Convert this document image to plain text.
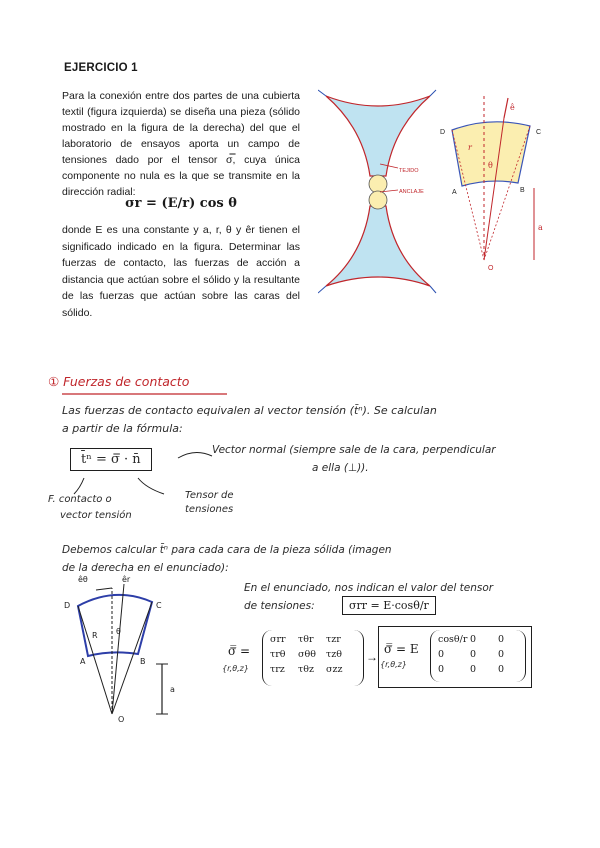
EJERCICIO 1

Para la conexión entre dos partes de una cubierta textil (figura izquierda) se diseña una pieza (sólido mostrado en la figura de la derecha) del que el laboratorio de ensayos aporta un campo de tensiones dado por el tensor σ̿, cuya única componente no nula es la que se transmite en la dirección radial:

σr = (E/r) cos θ
donde E es una constante y a, r, θ y êr tienen el significado indicado en la figura. Determinar las fuerzas de contacto, las fuerzas de acción a distancia que actúan sobre el sólido y la resultante de las fuerzas que actúan sobre las caras del sólido.
TEJIDO
ANCLAJE
D	C
A	B
O
r
θ
ê
a
① Fuerzas de contacto
Las fuerzas de contacto equivalen al vector tensión (t̄ⁿ). Se calculan
a partir de la fórmula:
t̄ⁿ = σ̿ · n̄
Vector normal (siempre sale de la cara, perpendicular
a ella (⊥)).
F. contacto o
vector tensión
Tensor de
tensiones
Debemos calcular t̄ⁿ para cada cara de la pieza sólida (imagen
de la derecha en el enunciado):
êθ	êr
D	C
R θ
A	B
O
a
En el enunciado, nos indican el valor del tensor
de tensiones:	σrr = E·cosθ/r
σ̿ =
{r,θ,z}
σrr	τθr	τzr
τrθ	σθθ	τzθ
τrz	τθz	σzz
→
σ̿ = E
{r,θ,z}
cosθ/r 0	0
0	0	0
0	0	0
